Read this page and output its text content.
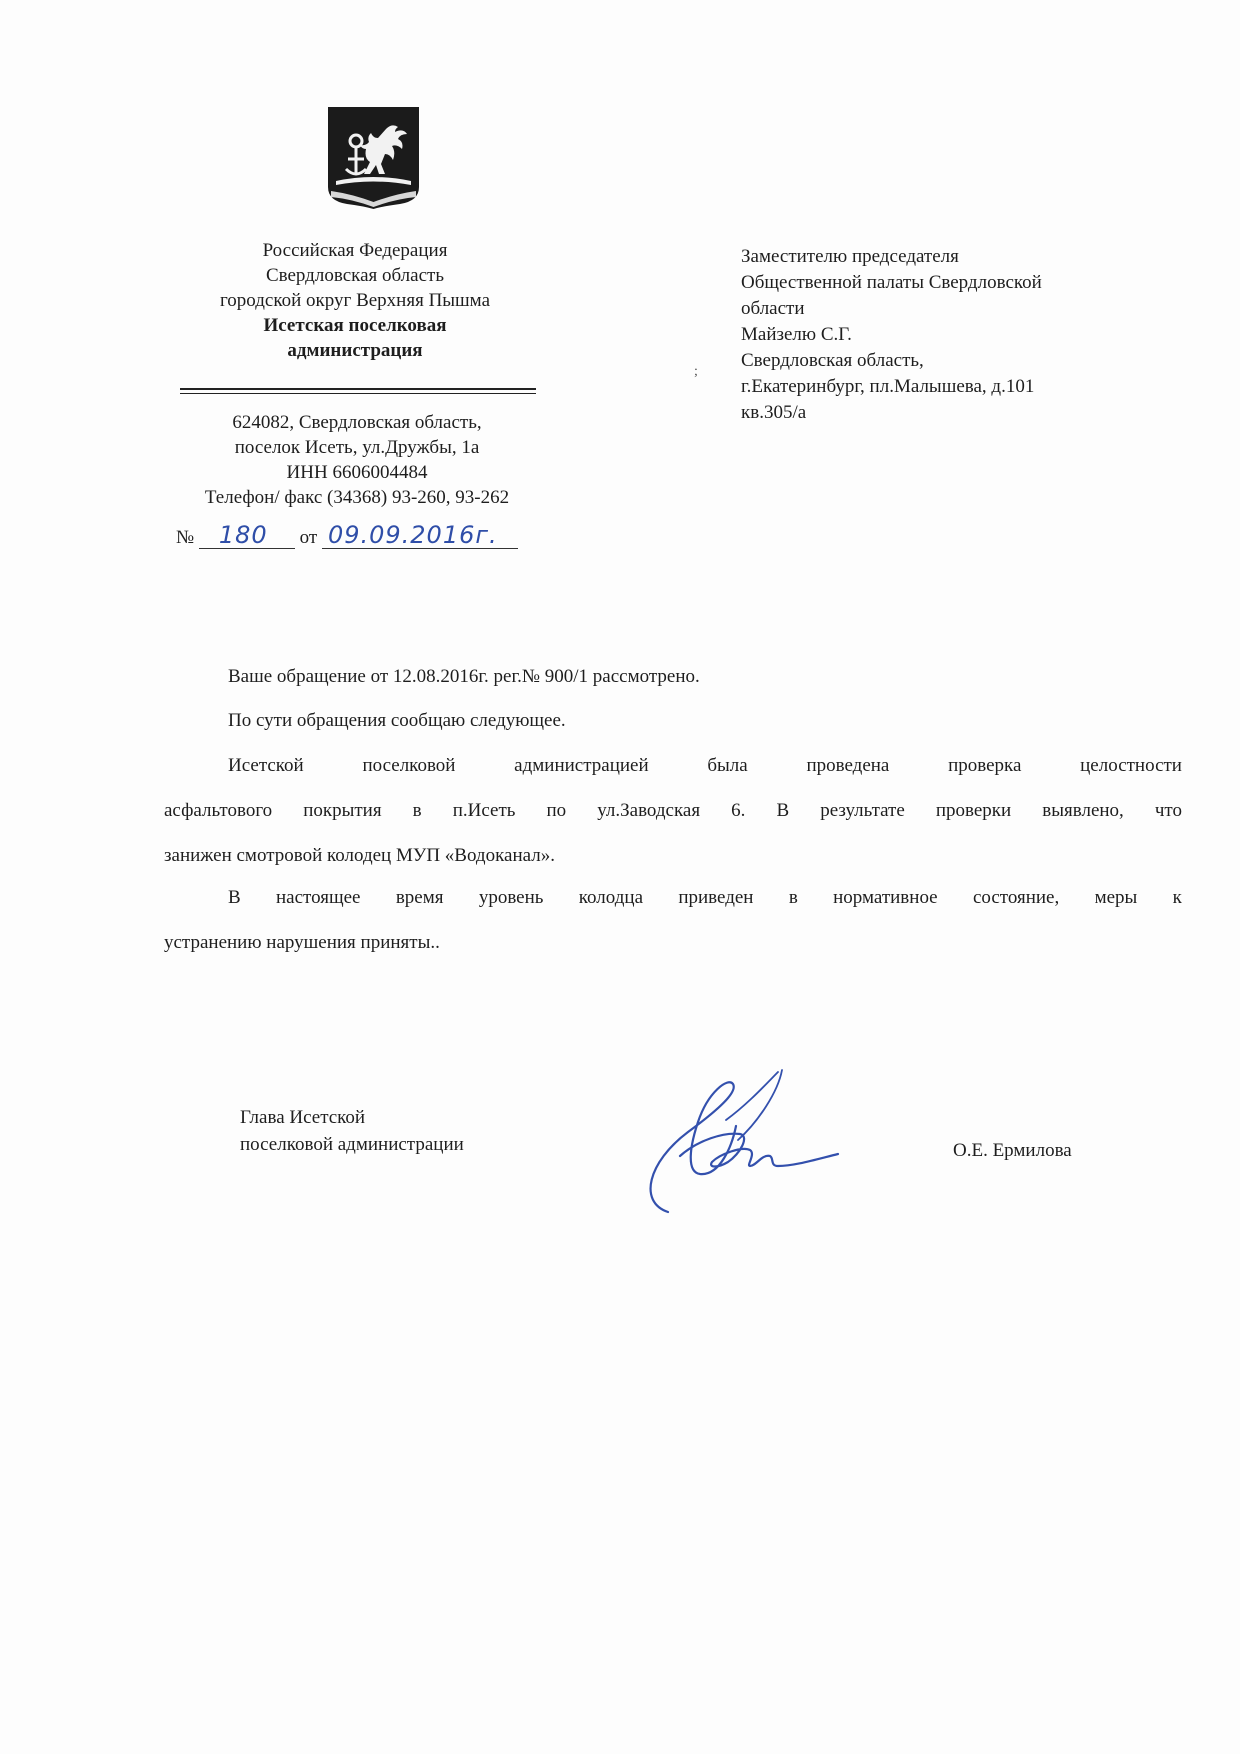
Российская Федерация
Свердловская область
городской округ Верхняя Пышма
Исетская поселковая
администрация
624082, Свердловская область,
поселок Исеть, ул.Дружбы, 1а
ИНН 6606004484
Телефон/ факс (34368) 93-260, 93-262
№ 180 от 09.09.2016г.
Заместителю председателя
Общественной палаты Свердловской
области
Майзелю С.Г.
Свердловская область,
г.Екатеринбург, пл.Малышева, д.101
кв.305/а
;
Ваше обращение от 12.08.2016г. рег.№ 900/1 рассмотрено.
По сути обращения сообщаю следующее.
Исетской	поселковой	администрацией	была	проведена	проверка	целостности
асфальтового покрытия в п.Исеть по ул.Заводская 6. В результате проверки выявлено, что
занижен смотровой колодец МУП «Водоканал».
В настоящее время уровень колодца приведен в нормативное состояние, меры к
устранению нарушения приняты..
Глава Исетской
поселковой администрации	О.Е. Ермилова
